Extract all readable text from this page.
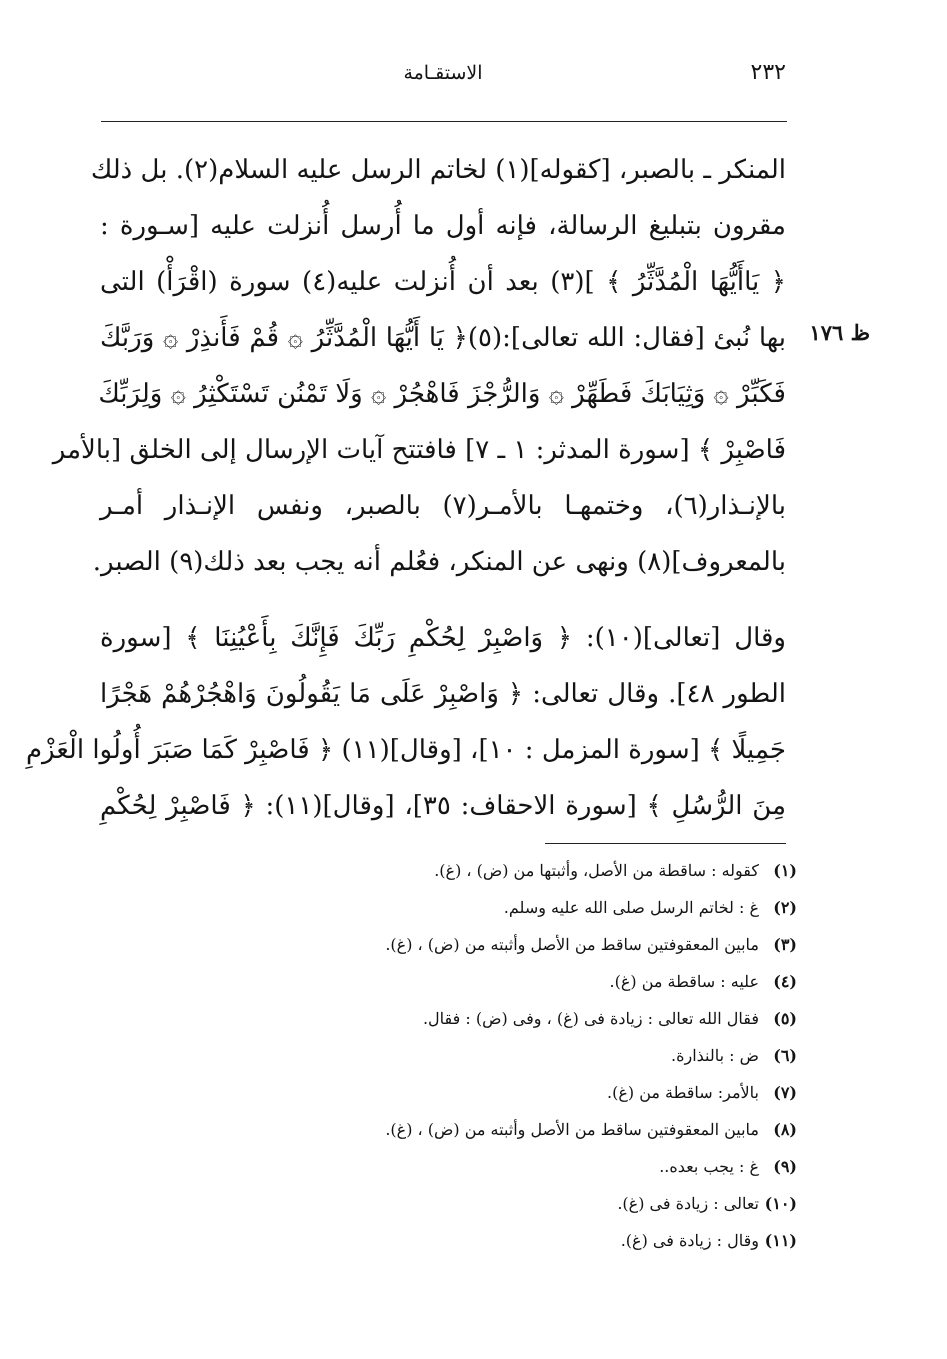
٢٣٢
الاستقـامة
ظ ١٧٦
المنكر ـ بالصبر، [كقوله](١) لخاتم الرسل عليه السلام(٢). بل ذلك
مقرون بتبليغ الرسالة، فإنه أول ما أُرسل أُنزلت عليه [سـورة :
﴿ يَاأَيُّهَا الْمُدَّثِّرُ ﴾ ](٣) بعد أن أُنزلت عليه(٤) سورة (اقْرَأْ) التى
بها نُبئ [فقال: الله تعالى]:(٥)﴿ يَا أَيُّهَا الْمُدَّثِّرُ ۞ قُمْ فَأَنذِرْ ۞ وَرَبَّكَ
فَكَبِّرْ ۞ وَثِيَابَكَ فَطَهِّرْ ۞ وَالرُّجْزَ فَاهْجُرْ ۞ وَلَا تَمْنُن تَسْتَكْثِرُ ۞ وَلِرَبِّكَ
فَاصْبِرْ ﴾ [سورة المدثر: ١ ـ ٧] فافتتح آيات الإرسال إلى الخلق [بالأمر
بالإنـذار(٦)، وختمهـا بالأمـر(٧) بالصبر، ونفس الإنـذار أمـر
بالمعروف](٨) ونهى عن المنكر، فعُلم أنه يجب بعد ذلك(٩) الصبر.
وقال [تعالى](١٠): ﴿ وَاصْبِرْ لِحُكْمِ رَبِّكَ فَإِنَّكَ بِأَعْيُنِنَا ﴾ [سورة
الطور ٤٨]. وقال تعالى: ﴿ وَاصْبِرْ عَلَى مَا يَقُولُونَ وَاهْجُرْهُمْ هَجْرًا
جَمِيلًا ﴾ [سورة المزمل : ١٠]، [وقال](١١) ﴿ فَاصْبِرْ كَمَا صَبَرَ أُولُوا الْعَزْمِ
مِنَ الرُّسُلِ ﴾ [سورة الاحقاف: ٣٥]، [وقال](١١): ﴿ فَاصْبِرْ لِحُكْمِ
(١)كقوله : ساقطة من الأصل، وأثبتها من (ض) ، (غ).
(٢)غ : لخاتم الرسل صلى الله عليه وسلم.
(٣)مابين المعقوفتين ساقط من الأصل وأثبته من (ض) ، (غ).
(٤)عليه : ساقطة من (غ).
(٥)فقال الله تعالى : زيادة فى (غ) ، وفى (ض) : فقال.
(٦)ض : بالنذارة.
(٧)بالأمر: ساقطة من (غ).
(٨)مابين المعقوفتين ساقط من الأصل وأثبته من (ض) ، (غ).
(٩)غ : يجب بعده..
(١٠)تعالى : زيادة فى (غ).
(١١)وقال : زيادة فى (غ).
